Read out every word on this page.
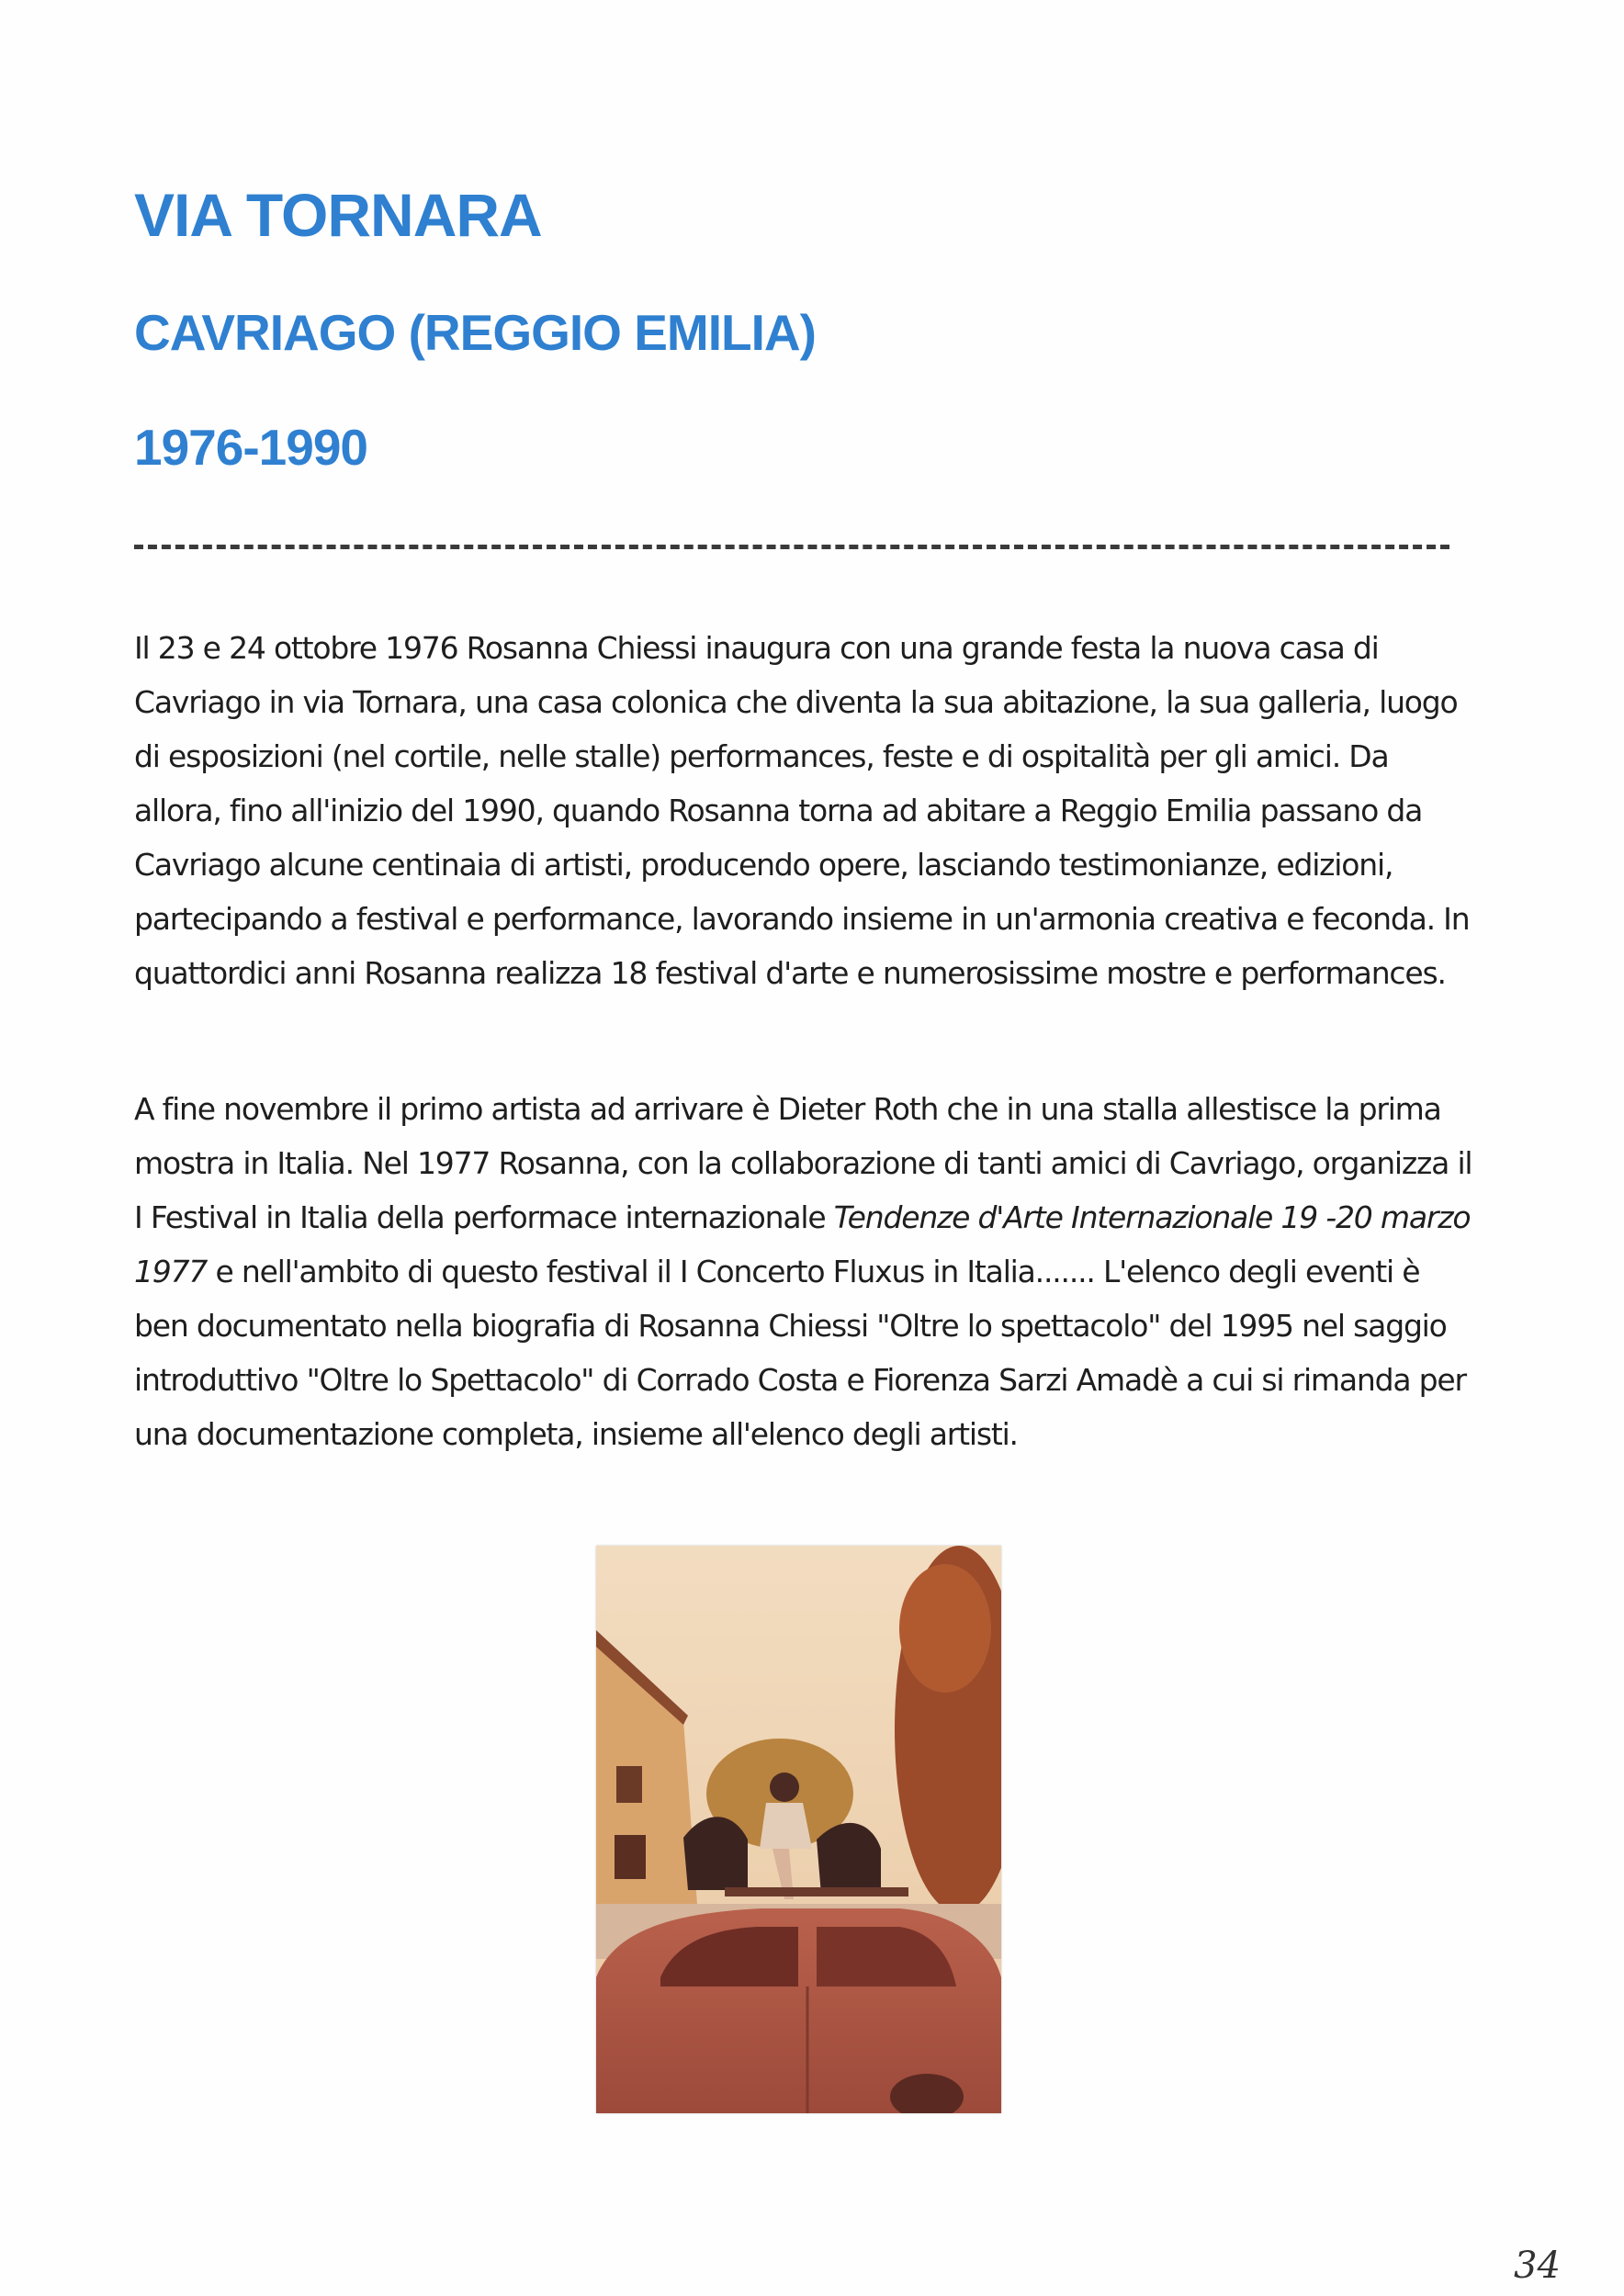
VIA TORNARA
CAVRIAGO (REGGIO EMILIA)
1976-1990

Il 23 e 24 ottobre 1976 Rosanna Chiessi inaugura con una grande festa la nuova casa di Cavriago in via Tornara, una casa colonica che diventa la sua abitazione, la sua galleria, luogo di esposizioni (nel cortile, nelle stalle) performances, feste e di ospitalità per gli amici. Da allora, fino all'inizio del 1990, quando Rosanna torna ad abitare a Reggio Emilia passano da Cavriago alcune centinaia di artisti, producendo opere, lasciando testimonianze, edizioni, partecipando a festival e performance, lavorando insieme in un'armonia creativa e feconda. In quattordici anni Rosanna realizza 18 festival d'arte e numerosissime mostre e performances.

A fine novembre il primo artista ad arrivare è Dieter Roth che in una stalla allestisce la prima mostra in Italia. Nel 1977 Rosanna, con la collaborazione di tanti amici di Cavriago, organizza il I Festival in Italia della performace internazionale Tendenze d'Arte Internazionale 19 -20 marzo 1977 e nell'ambito di questo festival il I Concerto Fluxus in Italia....... L'elenco degli eventi è ben documentato nella biografia di Rosanna Chiessi "Oltre lo spettacolo" del 1995 nel saggio introduttivo "Oltre lo Spettacolo" di Corrado Costa e Fiorenza Sarzi Amadè a cui si rimanda per una documentazione completa, insieme all'elenco degli artisti.

34
